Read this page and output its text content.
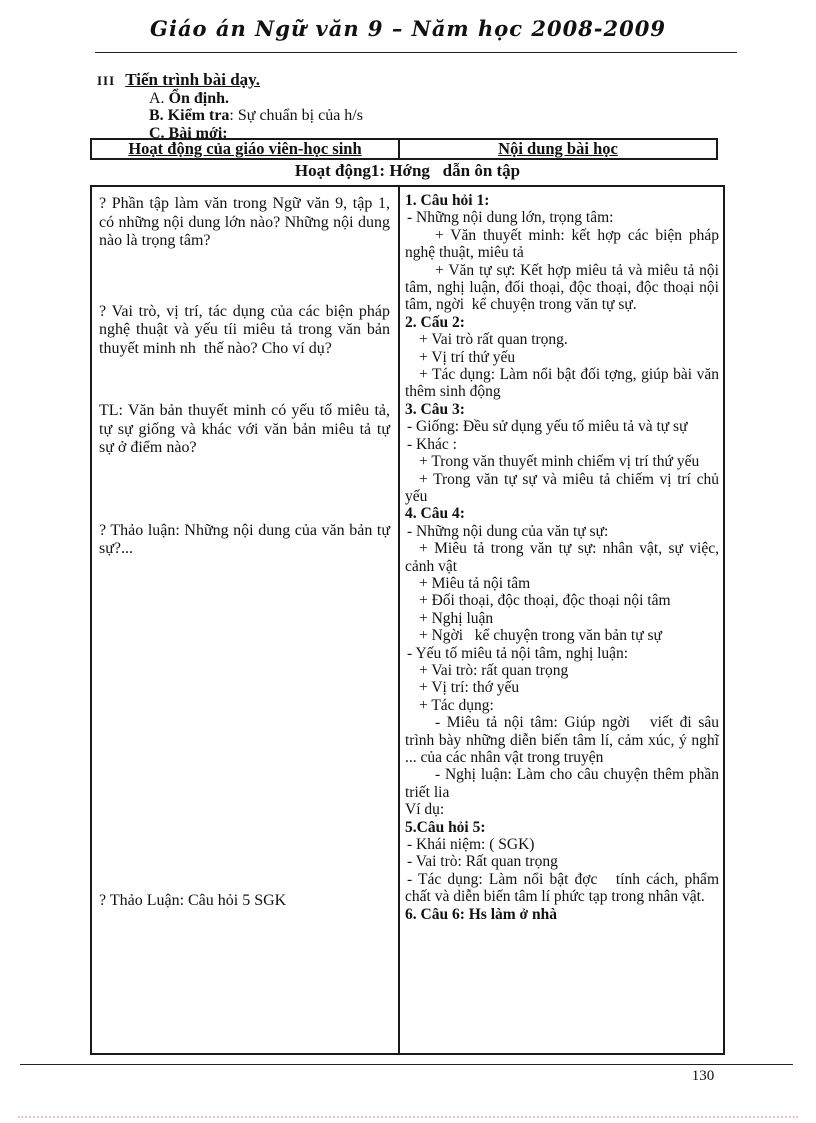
Giáo án Ngữ văn 9 – Năm học 2008-2009
III Tiến trình bài dạy.
A. Ổn định.
B. Kiểm tra: Sự chuẩn bị của h/s
C. Bài mới:
Hoạt động của giáo viên-học sinh	Nội dung bài học
Hoạt động1: Hớng   dẫn ôn tập
? Phần tập làm văn trong Ngữ văn 9, tập 1, có những nội dung lớn nào? Những nội dung nào là trọng tâm?
? Vai trò, vị trí, tác dụng của các biện pháp nghệ thuật và yếu tíi miêu tả trong văn bản thuyết minh nh  thế nào? Cho ví dụ?
TL: Văn bản thuyết minh có yếu tố miêu tả, tự sự giống và khác với văn bản miêu tả tự sự ở điểm nào?
? Thảo luận: Những nội dung của văn bản tự sự?...
? Thảo Luận: Câu hỏi 5 SGK
1. Câu hỏi 1:
- Những nội dung lớn, trọng tâm:
+ Văn thuyết minh: kết hợp các biện pháp nghệ thuật, miêu tả
+ Văn tự sự: Kết hợp miêu tả và miêu tả nội tâm, nghị luận, đối thoại, độc thoại, độc thoại nội tâm, ngời  kể chuyện trong văn tự sự.
2. Cấu 2:
+ Vai trò rất quan trọng.
+ Vị trí thứ yếu
+ Tác dụng: Làm nổi bật đối tợng, giúp bài văn thêm sinh động
3. Câu 3:
- Giống: Đều sử dụng yếu tố miêu tả và tự sự
- Khác :
+ Trong văn thuyết minh chiếm vị trí thứ yếu
+ Trong văn tự sự và miêu tả chiếm vị trí chủ yếu
4. Câu 4:
- Những nội dung của văn tự sự:
+ Miêu tả trong văn tự sự: nhân vật, sự việc, cảnh vật
+ Miêu tả nội tâm
+ Đối thoại, độc thoại, độc thoại nội tâm
+ Nghị luận
+ Ngời   kể chuyện trong văn bản tự sự
- Yếu tố miêu tả nội tâm, nghị luận:
+ Vai trò: rất quan trọng
+ Vị trí: thớ yếu
+ Tác dụng:
- Miêu tả nội tâm: Giúp ngời   viết đi sâu trình bày những diễn biến tâm lí, cảm xúc, ý nghĩ ... của các nhân vật trong truyện
- Nghị luận: Làm cho câu chuyện thêm phần triết lia
Ví dụ:
5.Câu hỏi 5:
- Khái niệm: ( SGK)
- Vai trò: Rất quan trọng
- Tác dụng: Làm nổi bật đợc   tính cách, phẩm chất và diễn biến tâm lí phức tạp trong nhân vật.
6. Câu 6: Hs làm ở nhà
130
